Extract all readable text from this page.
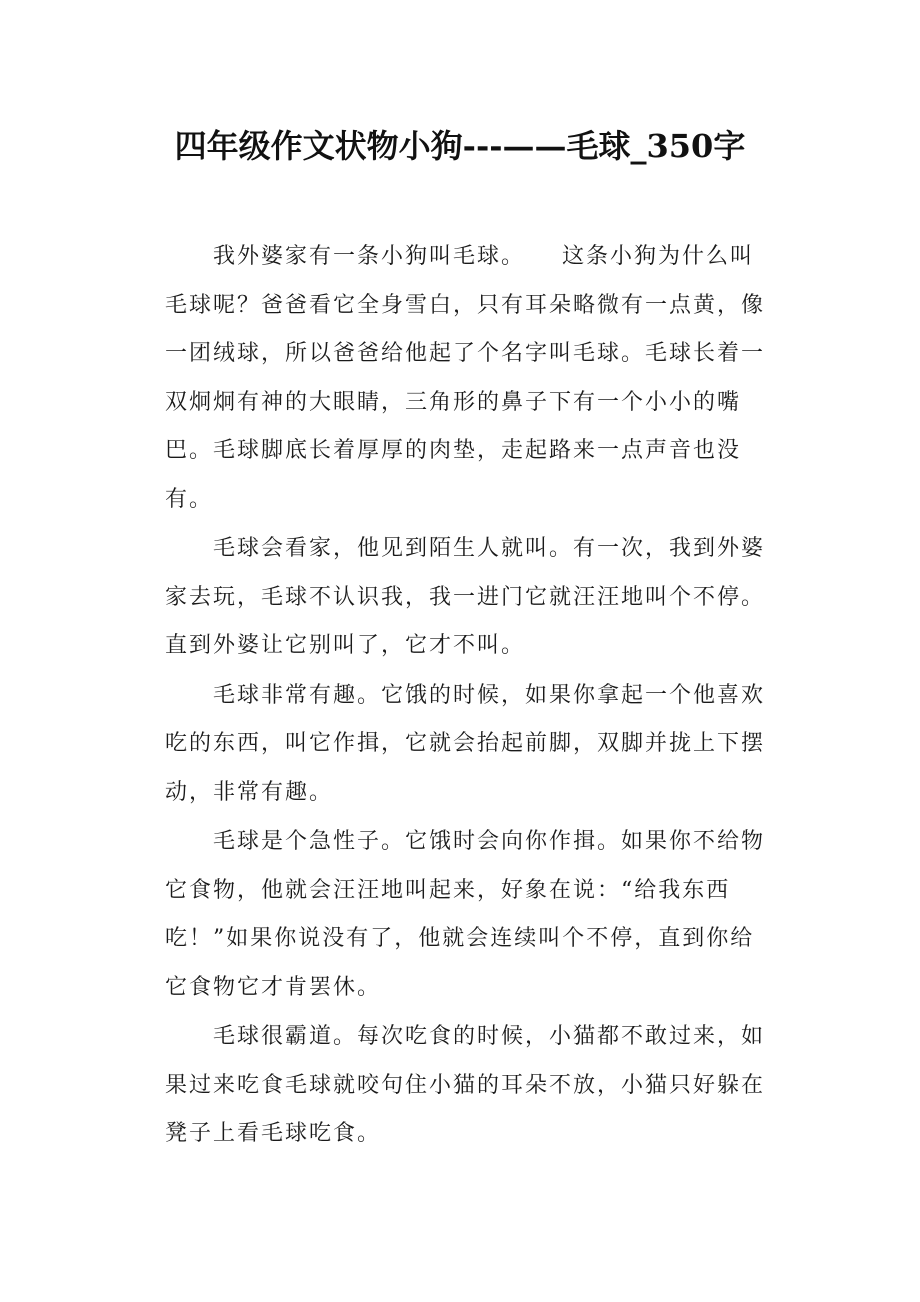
四年级作文状物小狗---——毛球_350字

我外婆家有一条小狗叫毛球。　　这条小狗为什么叫毛球呢？爸爸看它全身雪白，只有耳朵略微有一点黄，像一团绒球，所以爸爸给他起了个名字叫毛球。毛球长着一双炯炯有神的大眼睛，三角形的鼻子下有一个小小的嘴巴。毛球脚底长着厚厚的肉垫，走起路来一点声音也没有。

毛球会看家，他见到陌生人就叫。有一次，我到外婆家去玩，毛球不认识我，我一进门它就汪汪地叫个不停。直到外婆让它别叫了，它才不叫。

毛球非常有趣。它饿的时候，如果你拿起一个他喜欢吃的东西，叫它作揖，它就会抬起前脚，双脚并拢上下摆动，非常有趣。

毛球是个急性子。它饿时会向你作揖。如果你不给物它食物，他就会汪汪地叫起来，好象在说：“给我东西吃！”如果你说没有了，他就会连续叫个不停，直到你给它食物它才肯罢休。

毛球很霸道。每次吃食的时候，小猫都不敢过来，如果过来吃食毛球就咬句住小猫的耳朵不放，小猫只好躲在凳子上看毛球吃食。
